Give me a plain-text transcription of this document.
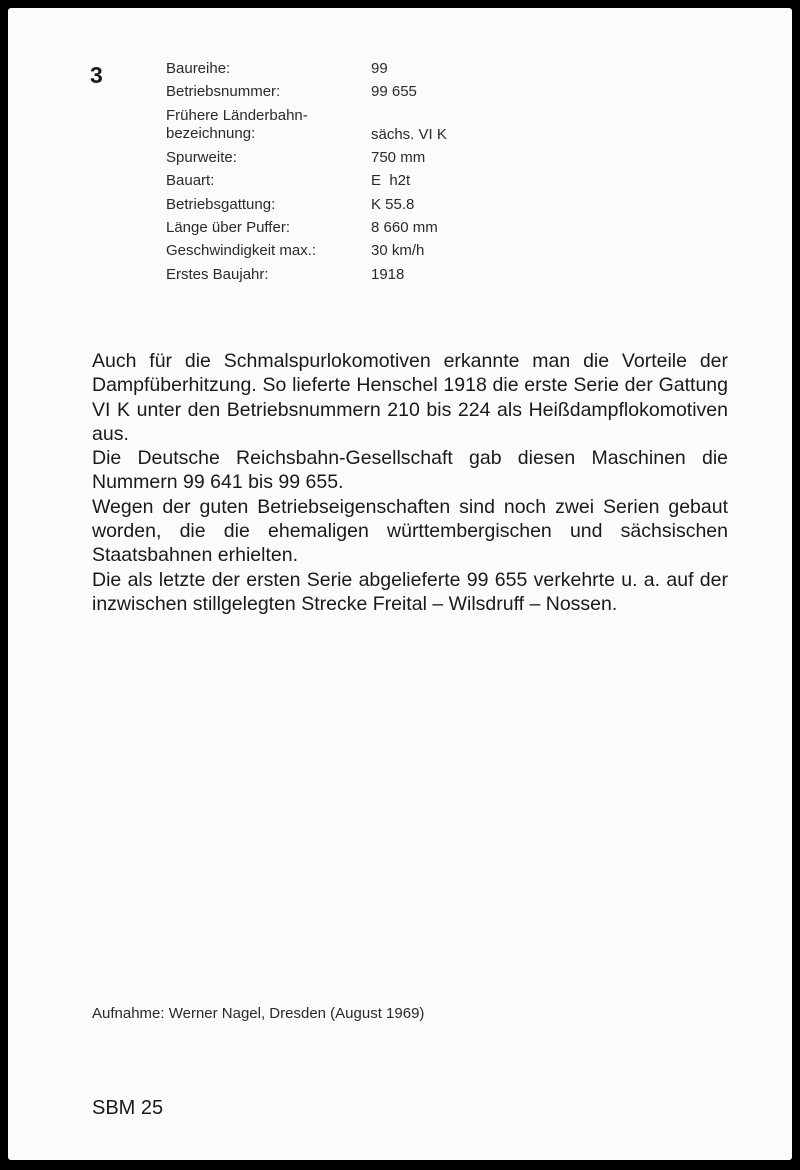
3	Baureihe:	99
Betriebsnummer:	99 655
Frühere Länderbahn-
bezeichnung:	sächs. VI K
Spurweite:	750 mm
Bauart:	E  h2t
Betriebsgattung:	K 55.8
Länge über Puffer:	8 660 mm
Geschwindigkeit max.:	30 km/h
Erstes Baujahr:	1918

Auch für die Schmalspurlokomotiven erkannte man die Vorteile der Dampfüberhitzung. So lieferte Henschel 1918 die erste Serie der Gattung VI K unter den Betriebsnummern 210 bis 224 als Heißdampflokomotiven aus.

Die Deutsche Reichsbahn-Gesellschaft gab diesen Maschinen die Nummern 99 641 bis 99 655.

Wegen der guten Betriebseigenschaften sind noch zwei Serien gebaut worden, die die ehemaligen württembergischen und sächsischen Staatsbahnen erhielten.

Die als letzte der ersten Serie abgelieferte 99 655 verkehrte u. a. auf der inzwischen stillgelegten Strecke Freital – Wilsdruff – Nossen.

Aufnahme: Werner Nagel, Dresden (August 1969)
SBM 25
